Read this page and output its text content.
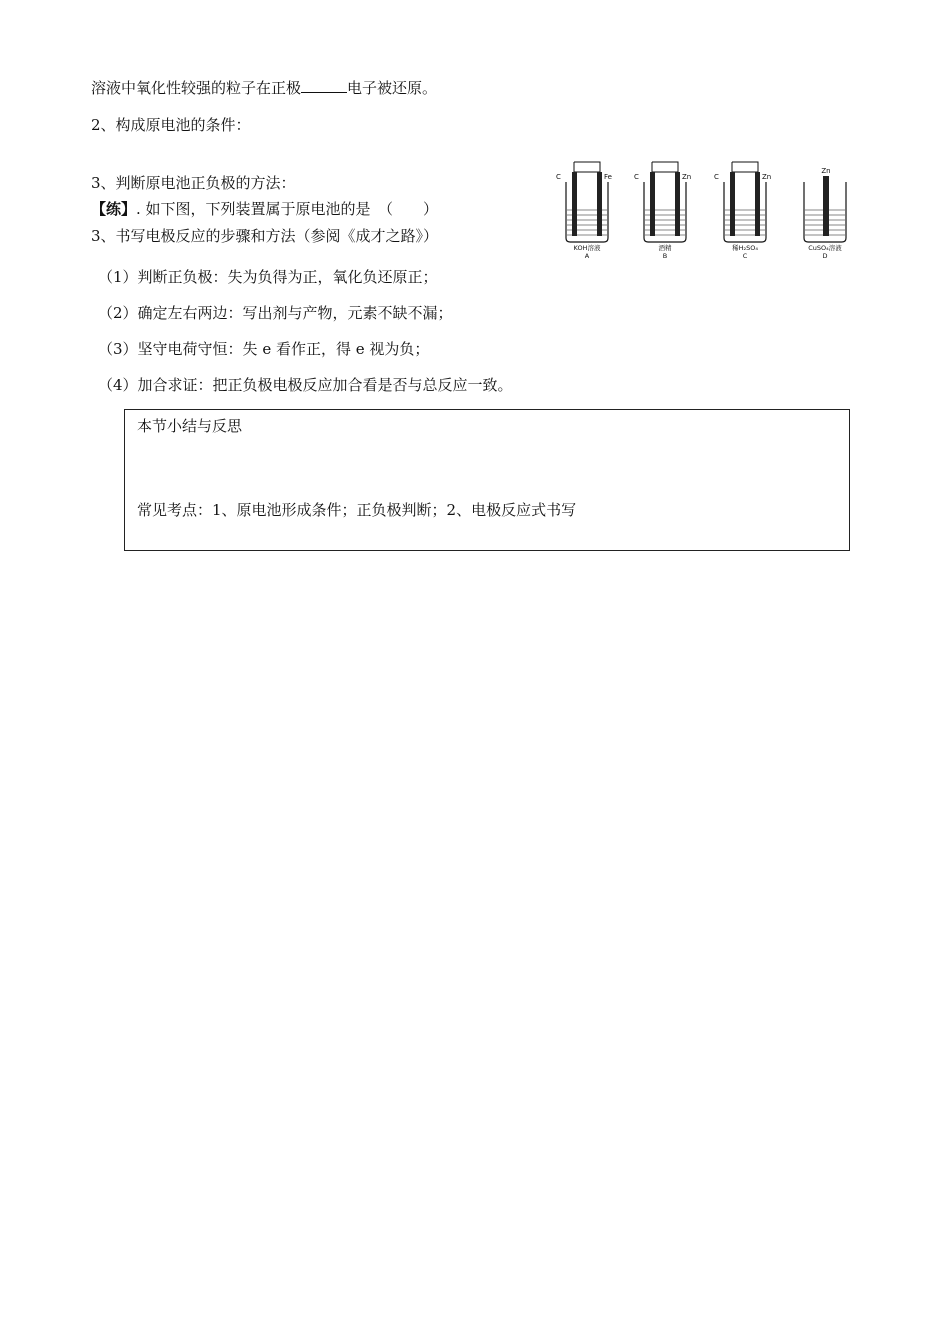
溶液中氧化性较强的粒子在正极	电子被还原。
2、构成原电池的条件：
3、判断原电池正负极的方法：
【练】. 如下图，下列装置属于原电池的是　（　　）
3、书写电极反应的步骤和方法（参阅《成才之路》）
（1）判断正负极：失为负得为正，氧化负还原正；
（2）确定左右两边：写出剂与产物，元素不缺不漏；
（3）坚守电荷守恒：失 e 看作正，得 e 视为负；
（4）加合求证：把正负极电极反应加合看是否与总反应一致。
C	Fe
KOH溶液
A
C	Zn
酒精
B
C	Zn
稀H₂SO₄
C
Zn
CuSO₄溶液
D
本节小结与反思
常见考点：1、原电池形成条件；正负极判断；2、电极反应式书写
